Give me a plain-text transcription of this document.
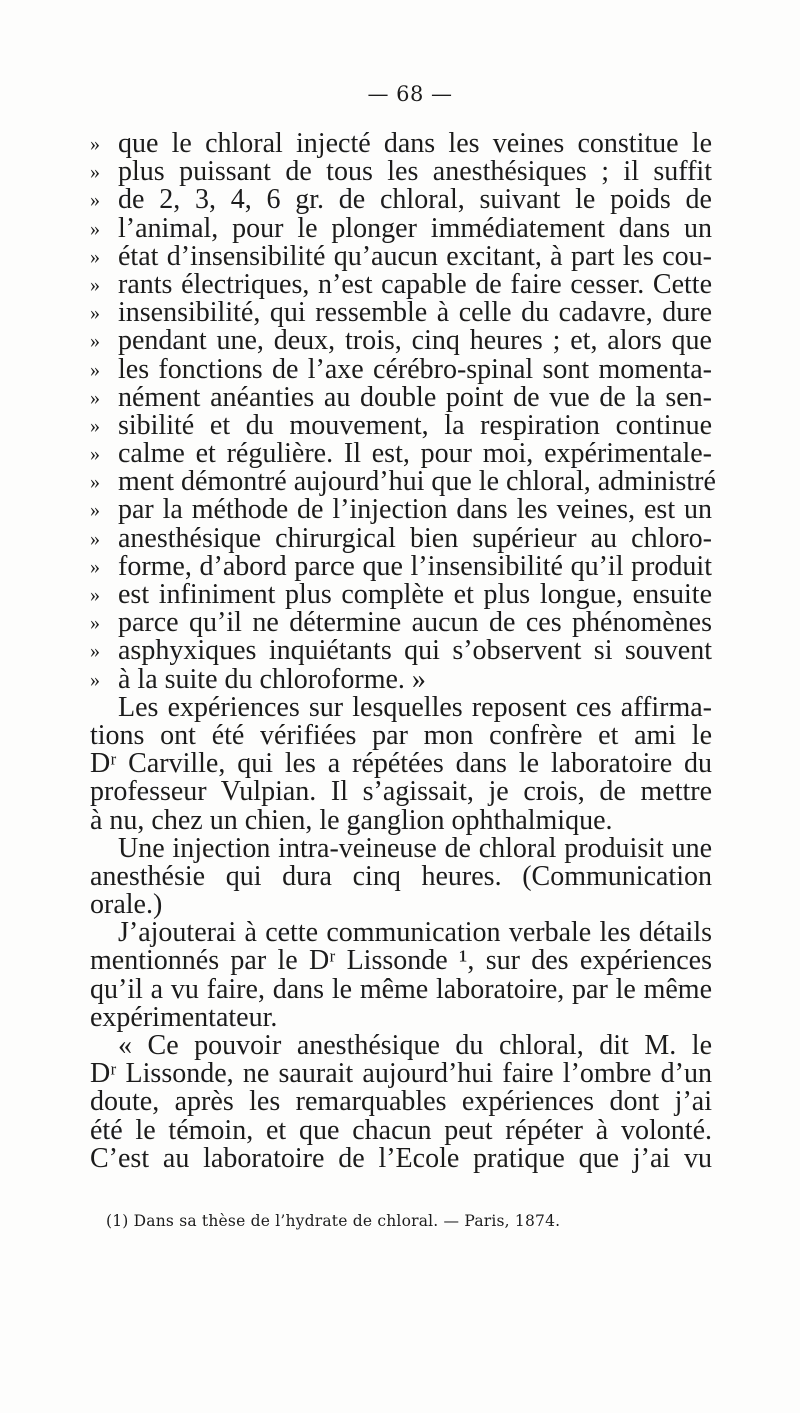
— 68 —
» que le chloral injecté dans les veines constitue le
» plus puissant de tous les anesthésiques ; il suffit
» de 2, 3, 4, 6 gr. de chloral, suivant le poids de
» l’animal, pour le plonger immédiatement dans un
» état d’insensibilité qu’aucun excitant, à part les cou-
» rants électriques, n’est capable de faire cesser. Cette
» insensibilité, qui ressemble à celle du cadavre, dure
» pendant une, deux, trois, cinq heures ; et, alors que
» les fonctions de l’axe cérébro-spinal sont momenta-
» nément anéanties au double point de vue de la sen-
» sibilité et du mouvement, la respiration continue
» calme et régulière. Il est, pour moi, expérimentale-
» ment démontré aujourd’hui que le chloral, administré
» par la méthode de l’injection dans les veines, est un
» anesthésique chirurgical bien supérieur au chloro-
» forme, d’abord parce que l’insensibilité qu’il produit
» est infiniment plus complète et plus longue, ensuite
» parce qu’il ne détermine aucun de ces phénomènes
» asphyxiques inquiétants qui s’observent si souvent
» à la suite du chloroforme. »
Les expériences sur lesquelles reposent ces affirma-
tions ont été vérifiées par mon confrère et ami le
Dʳ Carville, qui les a répétées dans le laboratoire du
professeur Vulpian. Il s’agissait, je crois, de mettre
à nu, chez un chien, le ganglion ophthalmique.
Une injection intra-veineuse de chloral produisit une
anesthésie qui dura cinq heures. (Communication
orale.)
J’ajouterai à cette communication verbale les détails
mentionnés par le Dʳ Lissonde ¹, sur des expériences
qu’il a vu faire, dans le même laboratoire, par le même
expérimentateur.
« Ce pouvoir anesthésique du chloral, dit M. le
Dʳ Lissonde, ne saurait aujourd’hui faire l’ombre d’un
doute, après les remarquables expériences dont j’ai
été le témoin, et que chacun peut répéter à volonté.
C’est au laboratoire de l’Ecole pratique que j’ai vu
(1) Dans sa thèse de l’hydrate de chloral. — Paris, 1874.
